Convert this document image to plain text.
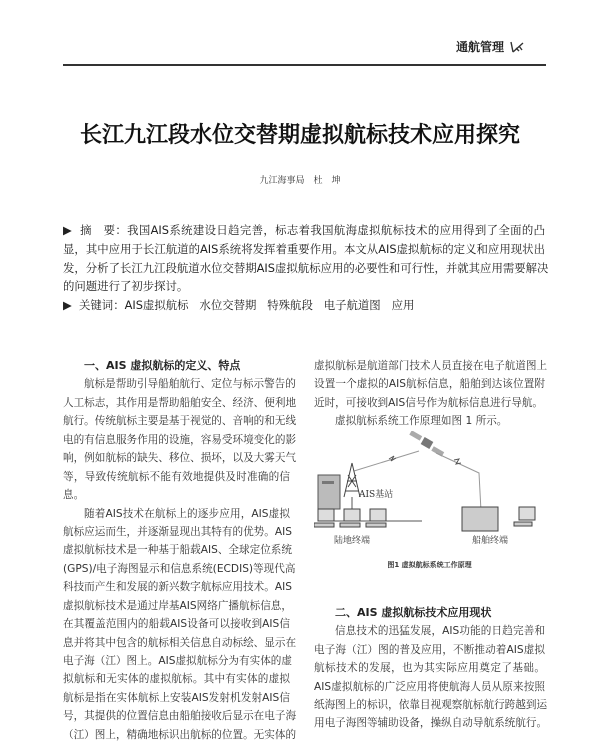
通航管理
长江九江段水位交替期虚拟航标技术应用探究
九江海事局　杜　坤
▶  摘　要：我国AIS系统建设日趋完善，标志着我国航海虚拟航标技术的应用得到了全面的凸
显，其中应用于长江航道的AIS系统将发挥着重要作用。本文从AIS虚拟航标的定义和应用现状出
发，分析了长江九江段航道水位交替期AIS虚拟航标应用的必要性和可行性，并就其应用需要解决
的问题进行了初步探讨。
▶  关键词：AIS虚拟航标 水位交替期 特殊航段 电子航道图 应用
一、AIS 虚拟航标的定义、特点
航标是帮助引导船舶航行、定位与标示警告的
人工标志，其作用是帮助船舶安全、经济、便利地
航行。传统航标主要是基于视觉的、音响的和无线
电的有信息服务作用的设施，容易受环境变化的影
响，例如航标的缺失、移位、损坏，以及大雾天气
等，导致传统航标不能有效地提供及时准确的信
息。
随着AIS技术在航标上的逐步应用，AIS虚拟
航标应运而生，并逐渐显现出其特有的优势。AIS
虚拟航标技术是一种基于船载AIS、全球定位系统
(GPS)/电子海图显示和信息系统(ECDIS)等现代高
科技而产生和发展的新兴数字航标应用技术。AIS
虚拟航标技术是通过岸基AIS网络广播航标信息，
在其覆盖范围内的船载AIS设备可以接收到AIS信
息并将其中包含的航标相关信息自动标绘、显示在
电子海（江）图上。AIS虚拟航标分为有实体的虚
拟航标和无实体的虚拟航标。其中有实体的虚拟
航标是指在实体航标上安装AIS发射机发射AIS信
号，其提供的位置信息由船舶接收后显示在电子海
（江）图上，精确地标识出航标的位置。无实体的
虚拟航标是航道部门技术人员直接在电子航道图上
设置一个虚拟的AIS航标信息，船舶到达该位置附
近时，可接收到AIS信号作为航标信息进行导航。
虚拟航标系统工作原理如图 1 所示。
AIS基站
陆地终端	船舶终端
图1 虚拟航标系统工作原理
二、AIS 虚拟航标技术应用现状
信息技术的迅猛发展，AIS功能的日趋完善和
电子海（江）图的普及应用，不断推动着AIS虚拟
航标技术的发展，也为其实际应用奠定了基础。
AIS虚拟航标的广泛应用将使航海人员从原来按照
纸海图上的标识，依靠目视观察航标航行跨越到运
用电子海图等辅助设备，操纵自动导航系统航行。
